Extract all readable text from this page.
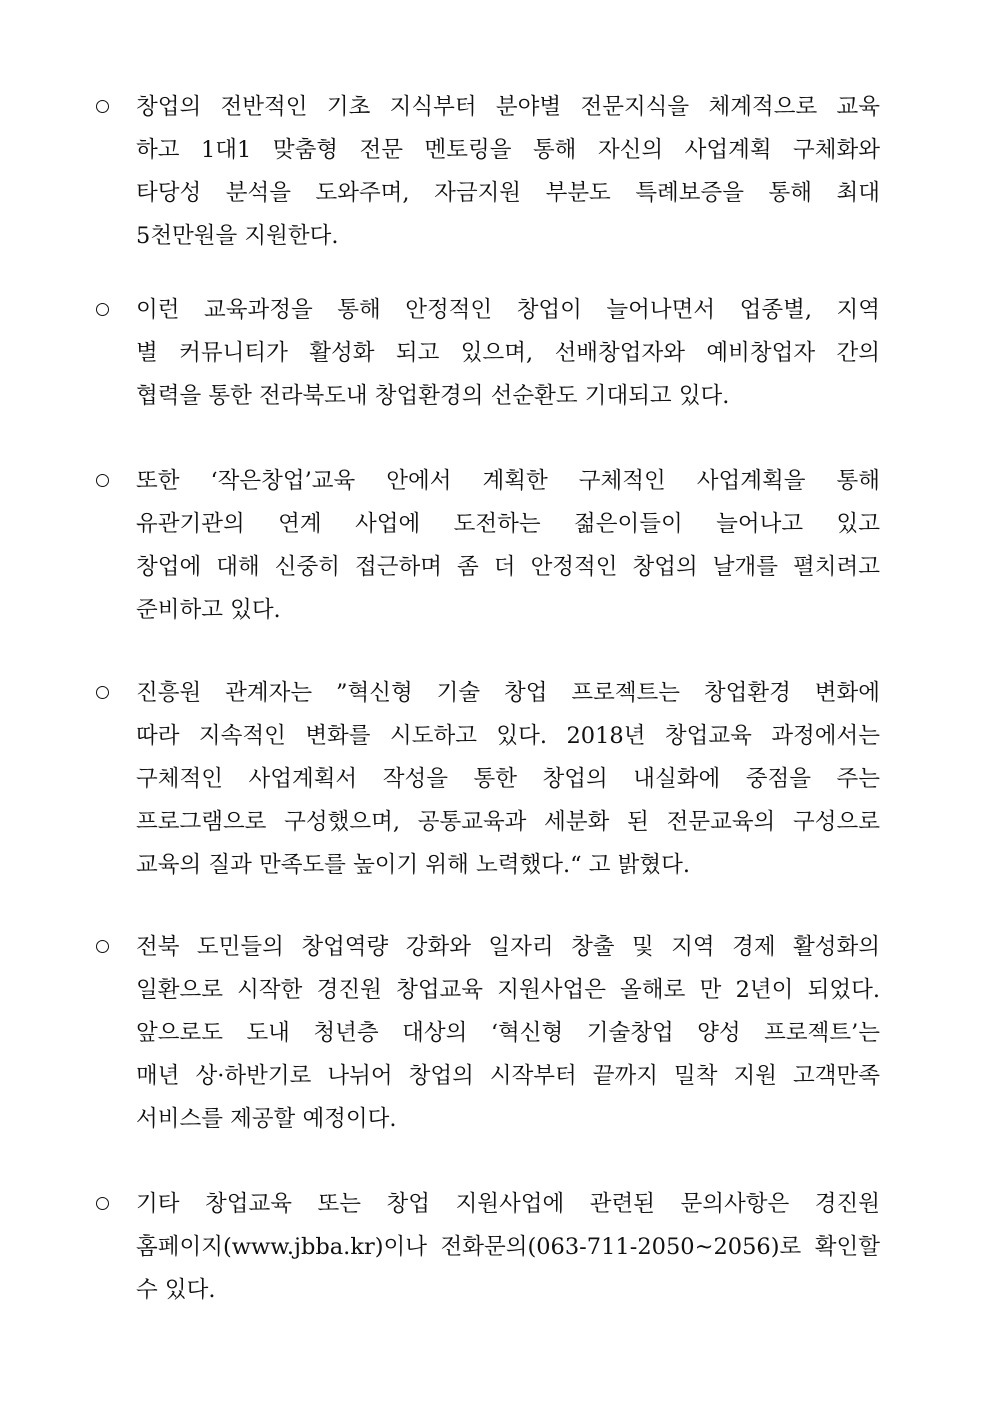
창업의 전반적인 기초 지식부터 분야별 전문지식을 체계적으로 교육
하고 1대1 맞춤형 전문 멘토링을 통해 자신의 사업계획 구체화와
타당성 분석을 도와주며, 자금지원 부분도 특례보증을 통해 최대
5천만원을 지원한다.
이런 교육과정을 통해 안정적인 창업이 늘어나면서 업종별, 지역
별 커뮤니티가 활성화 되고 있으며, 선배창업자와 예비창업자 간의
협력을 통한 전라북도내 창업환경의 선순환도 기대되고 있다.
또한 ‘작은창업’교육 안에서 계획한 구체적인 사업계획을 통해
유관기관의 연계 사업에 도전하는 젊은이들이 늘어나고 있고
창업에 대해 신중히 접근하며 좀 더 안정적인 창업의 날개를 펼치려고
준비하고 있다.
진흥원 관계자는 ”혁신형 기술 창업 프로젝트는 창업환경 변화에
따라 지속적인 변화를 시도하고 있다. 2018년 창업교육 과정에서는
구체적인 사업계획서 작성을 통한 창업의 내실화에 중점을 주는
프로그램으로 구성했으며, 공통교육과 세분화 된 전문교육의 구성으로
교육의 질과 만족도를 높이기 위해 노력했다.“ 고 밝혔다.
전북 도민들의 창업역량 강화와 일자리 창출 및 지역 경제 활성화의
일환으로 시작한 경진원 창업교육 지원사업은 올해로 만 2년이 되었다.
앞으로도 도내 청년층 대상의 ‘혁신형 기술창업 양성 프로젝트’는
매년 상·하반기로 나뉘어 창업의 시작부터 끝까지 밀착 지원 고객만족
서비스를 제공할 예정이다.
기타 창업교육 또는 창업 지원사업에 관련된 문의사항은 경진원
홈페이지(www.jbba.kr)이나 전화문의(063-711-2050~2056)로 확인할
수 있다.
